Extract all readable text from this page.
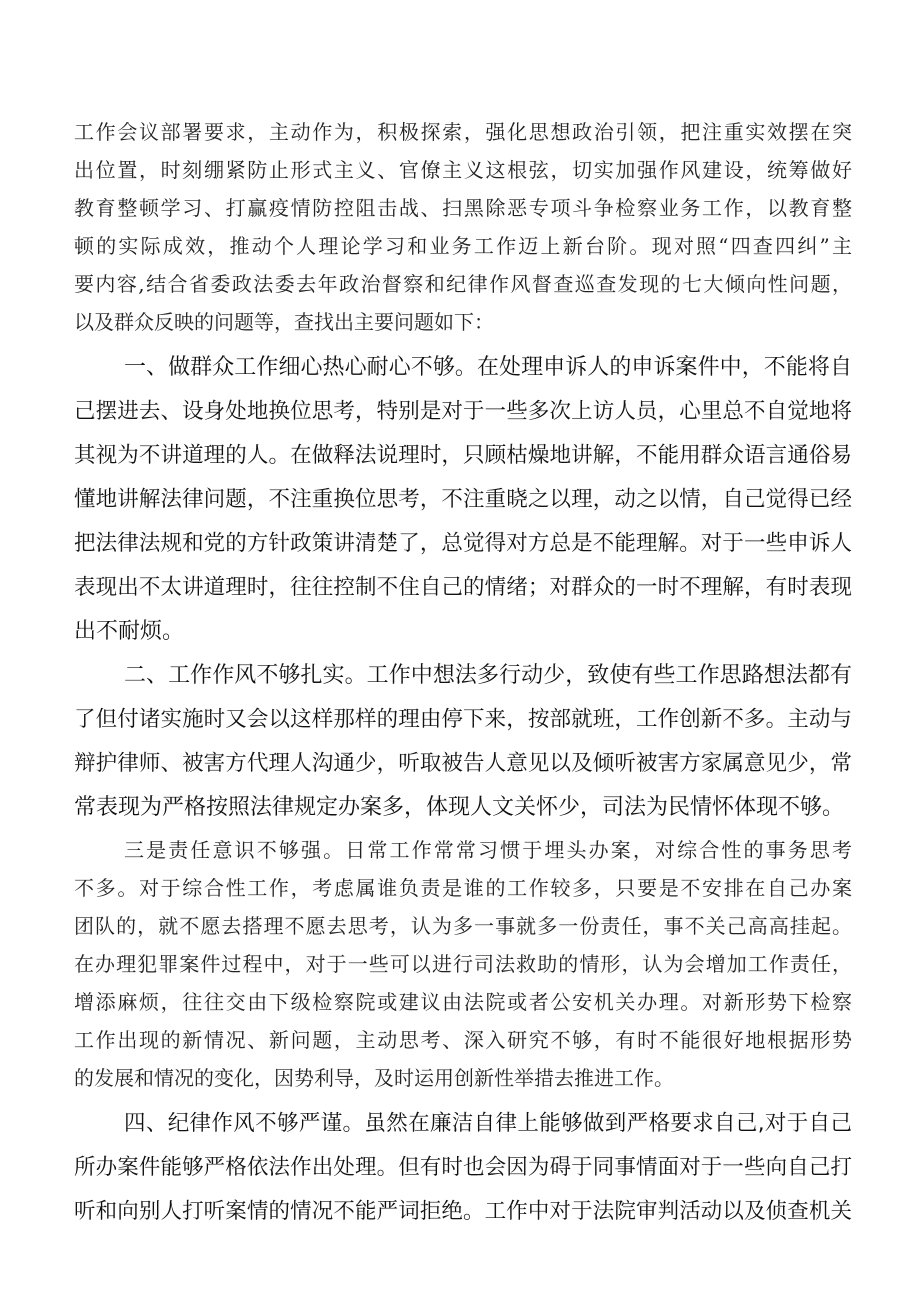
工作会议部署要求，主动作为，积极探索，强化思想政治引领，把注重实效摆在突
出位置，时刻绷紧防止形式主义、官僚主义这根弦，切实加强作风建设，统筹做好
教育整顿学习、打赢疫情防控阻击战、扫黑除恶专项斗争检察业务工作，以教育整
顿的实际成效，推动个人理论学习和业务工作迈上新台阶。现对照“四查四纠”主
要内容,结合省委政法委去年政治督察和纪律作风督查巡查发现的七大倾向性问题，
以及群众反映的问题等，查找出主要问题如下：
一、做群众工作细心热心耐心不够。在处理申诉人的申诉案件中，不能将自
己摆进去、设身处地换位思考，特别是对于一些多次上访人员，心里总不自觉地将
其视为不讲道理的人。在做释法说理时，只顾枯燥地讲解，不能用群众语言通俗易
懂地讲解法律问题，不注重换位思考，不注重晓之以理，动之以情，自己觉得已经
把法律法规和党的方针政策讲清楚了，总觉得对方总是不能理解。对于一些申诉人
表现出不太讲道理时，往往控制不住自己的情绪；对群众的一时不理解，有时表现
出不耐烦。
二、工作作风不够扎实。工作中想法多行动少，致使有些工作思路想法都有
了但付诸实施时又会以这样那样的理由停下来，按部就班，工作创新不多。主动与
辩护律师、被害方代理人沟通少，听取被告人意见以及倾听被害方家属意见少，常
常表现为严格按照法律规定办案多，体现人文关怀少，司法为民情怀体现不够。
三是责任意识不够强。日常工作常常习惯于埋头办案，对综合性的事务思考
不多。对于综合性工作，考虑属谁负责是谁的工作较多，只要是不安排在自己办案
团队的，就不愿去搭理不愿去思考，认为多一事就多一份责任，事不关己高高挂起。
在办理犯罪案件过程中，对于一些可以进行司法救助的情形，认为会增加工作责任，
增添麻烦，往往交由下级检察院或建议由法院或者公安机关办理。对新形势下检察
工作出现的新情况、新问题，主动思考、深入研究不够，有时不能很好地根据形势
的发展和情况的变化，因势利导，及时运用创新性举措去推进工作。
四、纪律作风不够严谨。虽然在廉洁自律上能够做到严格要求自己,对于自己
所办案件能够严格依法作出处理。但有时也会因为碍于同事情面对于一些向自己打
听和向别人打听案情的情况不能严词拒绝。工作中对于法院审判活动以及侦查机关
